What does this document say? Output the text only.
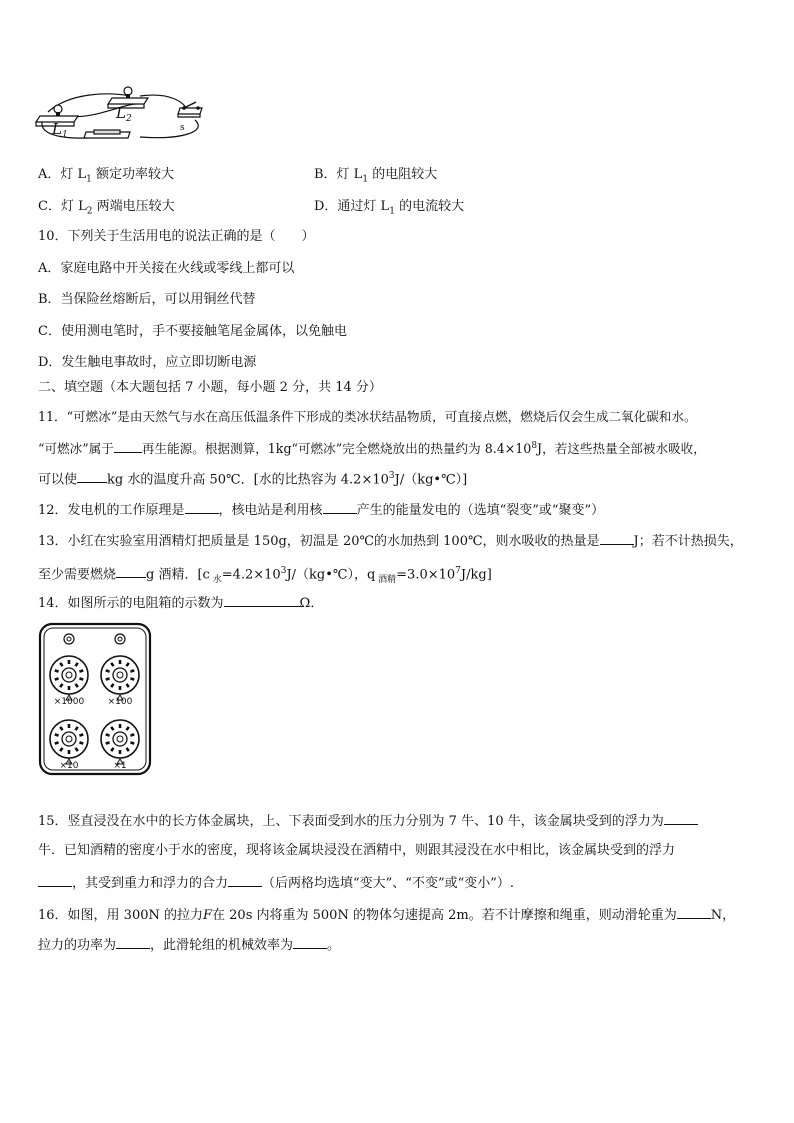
$L_1$
$L_2$
s
A．灯 $L_1$ 额定功率较大	B．灯 $L_1$ 的电阻较大
C．灯 $L_2$ 两端电压较大	D．通过灯 $L_1$ 的电流较大
10．下列关于生活用电的说法正确的是（　　）
A．家庭电路中开关接在火线或零线上都可以
B．当保险丝熔断后，可以用铜丝代替
C．使用测电笔时，手不要接触笔尾金属体，以免触电
D．发生触电事故时，应立即切断电源
二、填空题（本大题包括 7 小题，每小题 2 分，共 14 分）
11．“可燃冰”是由天然气与水在高压低温条件下形成的类冰状结晶物质，可直接点燃，燃烧后仅会生成二氧化碳和水。
“可燃冰”属于 再生能源。根据测算，1kg“可燃冰”完全燃烧放出的热量约为 $8.4\times 10^8J$，若这些热量全部被水吸收，
可以使 kg 水的温度升高 50℃．[水的比热容为 $4.2\times 10^3J/(kg•℃)$]
12．发电机的工作原理是	，核电站是利用核	产生的能量发电的（选填“裂变”或“聚变”）
13．小红在实验室用酒精灯把质量是 150g，初温是 20℃的水加热到 100℃，则水吸收的热量是	J；若不计热损失，
至少需要燃烧 g 酒精．[c $_水=4.2\times 10^3J/(kg•℃)$，q $_{酒精}=3.0\times 10^7J/kg$]
14．如图所示的电阻箱的示数为	Ω．
×1000	×100
×10	×1
15．竖直浸没在水中的长方体金属块，上、下表面受到水的压力分别为 7 牛、10 牛，该金属块受到的浮力为
牛．已知酒精的密度小于水的密度，现将该金属块浸没在酒精中，则跟其浸没在水中相比，该金属块受到的浮力
，其受到重力和浮力的合力	（后两格均选填“变大”、“不变”或“变小”）.
16．如图，用 300N 的拉力F在 20s 内将重为 500N 的物体匀速提高 2m。若不计摩擦和绳重，则动滑轮重为	N，
拉力的功率为	，此滑轮组的机械效率为	。
